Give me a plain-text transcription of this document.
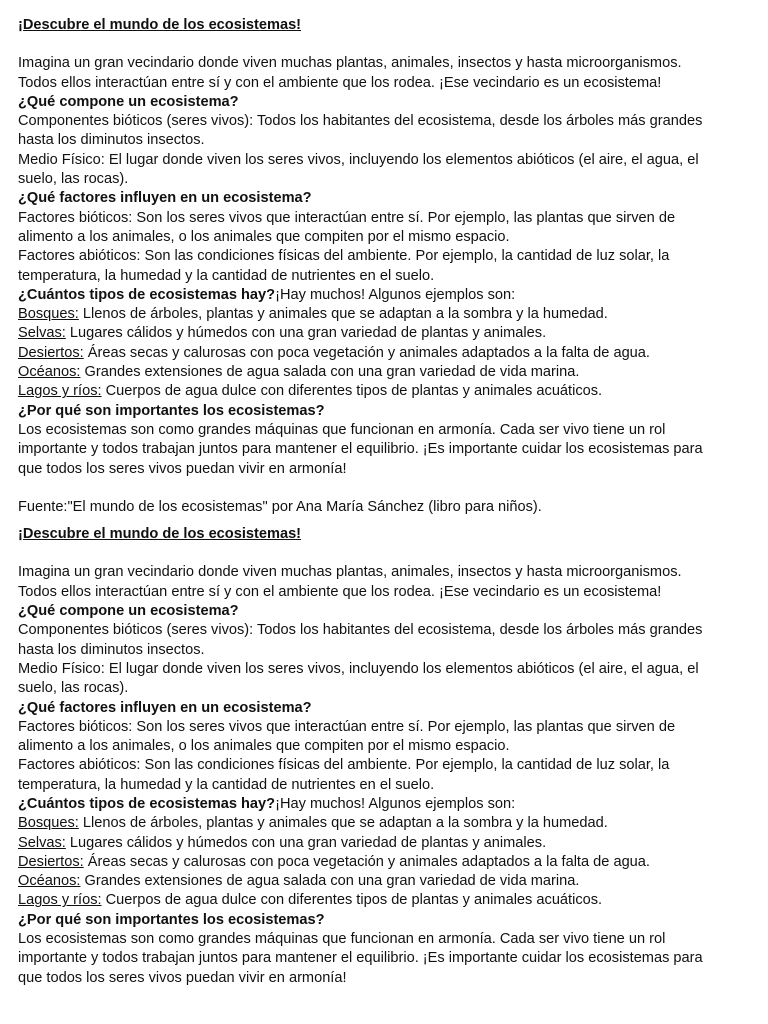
¡Descubre el mundo de los ecosistemas!

Imagina un gran vecindario donde viven muchas plantas, animales, insectos y hasta microorganismos.

Todos ellos interactúan entre sí y con el ambiente que los rodea. ¡Ese vecindario es un ecosistema!

¿Qué compone un ecosistema?

Componentes bióticos (seres vivos): Todos los habitantes del ecosistema, desde los árboles más grandes

hasta los diminutos insectos.

Medio Físico: El lugar donde viven los seres vivos, incluyendo los elementos abióticos (el aire, el agua, el

suelo, las rocas).

¿Qué factores influyen en un ecosistema?

Factores bióticos: Son los seres vivos que interactúan entre sí. Por ejemplo, las plantas que sirven de

alimento a los animales, o los animales que compiten por el mismo espacio.

Factores abióticos: Son las condiciones físicas del ambiente. Por ejemplo, la cantidad de luz solar, la

temperatura, la humedad y la cantidad de nutrientes en el suelo.

¿Cuántos tipos de ecosistemas hay?¡Hay muchos! Algunos ejemplos son:

Bosques: Llenos de árboles, plantas y animales que se adaptan a la sombra y la humedad.

Selvas: Lugares cálidos y húmedos con una gran variedad de plantas y animales.

Desiertos: Áreas secas y calurosas con poca vegetación y animales adaptados a la falta de agua.

Océanos: Grandes extensiones de agua salada con una gran variedad de vida marina.

Lagos y ríos: Cuerpos de agua dulce con diferentes tipos de plantas y animales acuáticos.

¿Por qué son importantes los ecosistemas?

Los ecosistemas son como grandes máquinas que funcionan en armonía. Cada ser vivo tiene un rol

importante y todos trabajan juntos para mantener el equilibrio. ¡Es importante cuidar los ecosistemas para

que todos los seres vivos puedan vivir en armonía!

Fuente:"El mundo de los ecosistemas" por Ana María Sánchez (libro para niños).

¡Descubre el mundo de los ecosistemas!

Imagina un gran vecindario donde viven muchas plantas, animales, insectos y hasta microorganismos.

Todos ellos interactúan entre sí y con el ambiente que los rodea. ¡Ese vecindario es un ecosistema!

¿Qué compone un ecosistema?

Componentes bióticos (seres vivos): Todos los habitantes del ecosistema, desde los árboles más grandes

hasta los diminutos insectos.

Medio Físico: El lugar donde viven los seres vivos, incluyendo los elementos abióticos (el aire, el agua, el

suelo, las rocas).

¿Qué factores influyen en un ecosistema?

Factores bióticos: Son los seres vivos que interactúan entre sí. Por ejemplo, las plantas que sirven de

alimento a los animales, o los animales que compiten por el mismo espacio.

Factores abióticos: Son las condiciones físicas del ambiente. Por ejemplo, la cantidad de luz solar, la

temperatura, la humedad y la cantidad de nutrientes en el suelo.

¿Cuántos tipos de ecosistemas hay?¡Hay muchos! Algunos ejemplos son:

Bosques: Llenos de árboles, plantas y animales que se adaptan a la sombra y la humedad.

Selvas: Lugares cálidos y húmedos con una gran variedad de plantas y animales.

Desiertos: Áreas secas y calurosas con poca vegetación y animales adaptados a la falta de agua.

Océanos: Grandes extensiones de agua salada con una gran variedad de vida marina.

Lagos y ríos: Cuerpos de agua dulce con diferentes tipos de plantas y animales acuáticos.

¿Por qué son importantes los ecosistemas?

Los ecosistemas son como grandes máquinas que funcionan en armonía. Cada ser vivo tiene un rol

importante y todos trabajan juntos para mantener el equilibrio. ¡Es importante cuidar los ecosistemas para

que todos los seres vivos puedan vivir en armonía!
